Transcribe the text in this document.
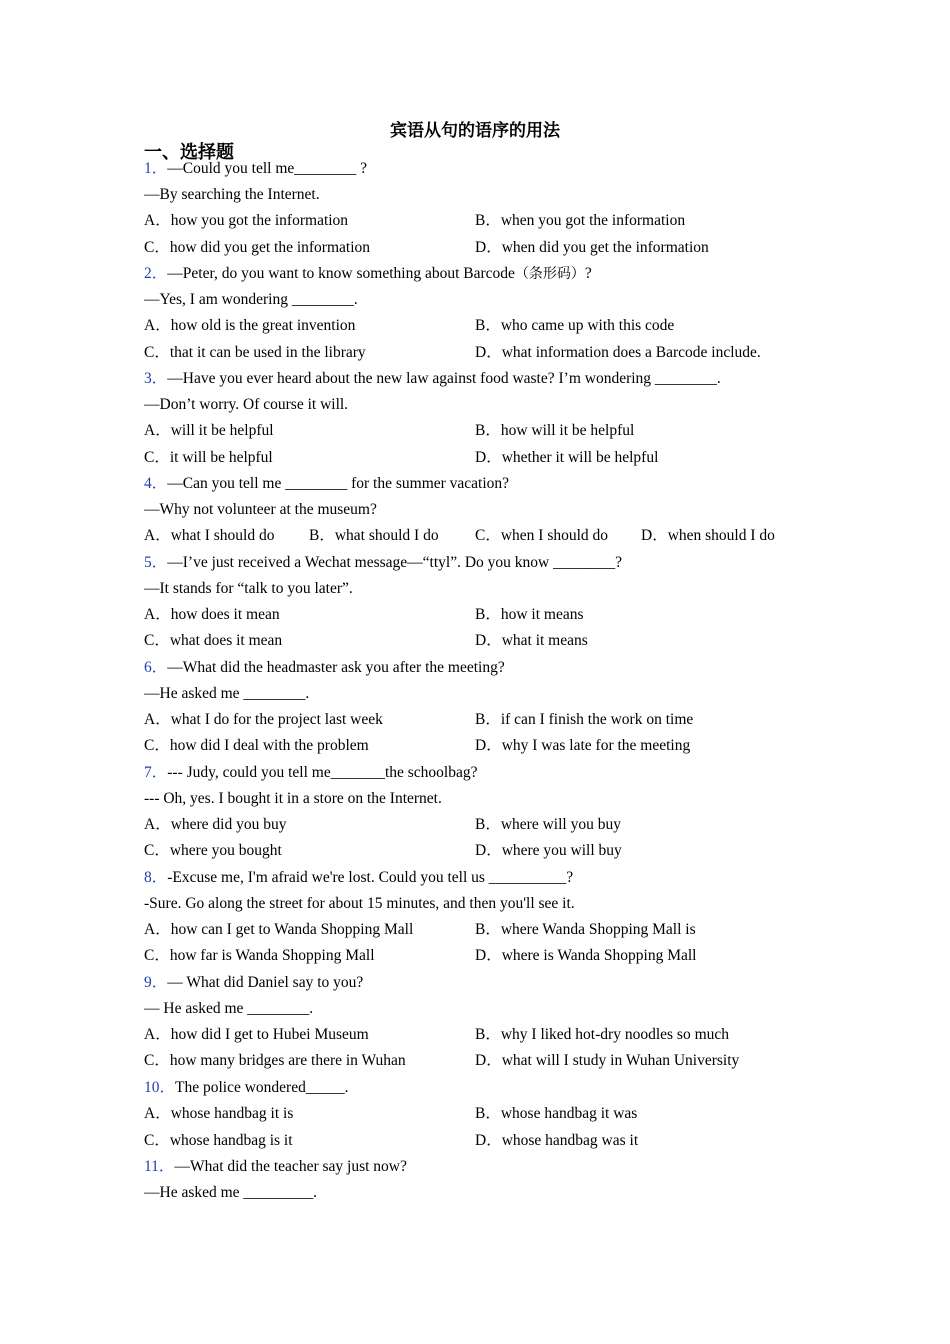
宾语从句的语序的用法
一、选择题
1．—Could you tell me________ ?
—By searching the Internet.
A．how you got the information	B．when you got the information
C．how did you get the information	D．when did you get the information
2．—Peter, do you want to know something about Barcode（条形码）?
—Yes, I am wondering ________.
A．how old is the great invention	B．who came up with this code
C．that it can be used in the library	D．what information does a Barcode include.
3．—Have you ever heard about the new law against food waste? I’m wondering ________.
—Don’t worry. Of course it will.
A．will it be helpful	B．how will it be helpful
C．it will be helpful	D．whether it will be helpful
4．—Can you tell me ________ for the summer vacation?
—Why not volunteer at the museum?
A．what I should do B．what should I do C．when I should do D．when should I do
5．—I’ve just received a Wechat message—“ttyl”. Do you know ________?
—It stands for “talk to you later”.
A．how does it mean	B．how it means
C．what does it mean	D．what it means
6．—What did the headmaster ask you after the meeting?
—He asked me ________.
A．what I do for the project last week	B．if can I finish the work on time
C．how did I deal with the problem	D．why I was late for the meeting
7．--- Judy, could you tell me_______the schoolbag?
--- Oh, yes. I bought it in a store on the Internet.
A．where did you buy	B．where will you buy
C．where you bought	D．where you will buy
8．-Excuse me, I'm afraid we're lost. Could you tell us __________?
-Sure. Go along the street for about 15 minutes, and then you'll see it.
A．how can I get to Wanda Shopping Mall	B．where Wanda Shopping Mall is
C．how far is Wanda Shopping Mall	D．where is Wanda Shopping Mall
9．— What did Daniel say to you?
— He asked me ________.
A．how did I get to Hubei Museum	B．why I liked hot-dry noodles so much
C．how many bridges are there in Wuhan	D．what will I study in Wuhan University
10．The police wondered_____.
A．whose handbag it is	B．whose handbag it was
C．whose handbag is it	D．whose handbag was it
11．—What did the teacher say just now?
—He asked me _________.
